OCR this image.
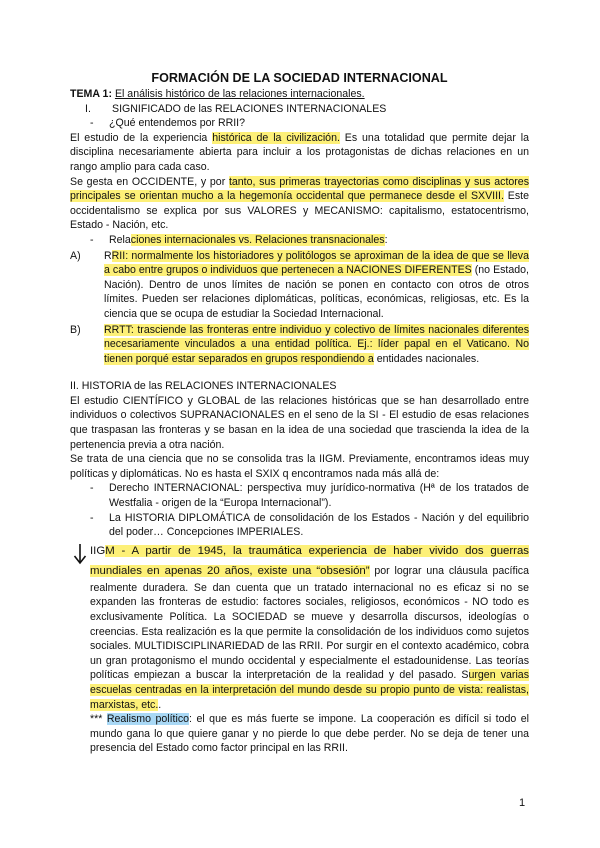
FORMACIÓN DE LA SOCIEDAD INTERNACIONAL
TEMA 1: El análisis histórico de las relaciones internacionales.
I.	SIGNIFICADO de las RELACIONES INTERNACIONALES
-	¿Qué entendemos por RRII?

El estudio de la experiencia histórica de la civilización. Es una totalidad que permite dejar la disciplina necesariamente abierta para incluir a los protagonistas de dichas relaciones en un rango amplio para cada caso.

Se gesta en OCCIDENTE, y por tanto, sus primeras trayectorias como disciplinas y sus actores principales se orientan mucho a la hegemonía occidental que permanece desde el SXVIII. Este occidentalismo se explica por sus VALORES y MECANISMO: capitalismo, estatocentrismo, Estado - Nación, etc.

-	Relaciones internacionales vs. Relaciones transnacionales:
A)	RRII: normalmente los historiadores y politólogos se aproximan de la idea de que se lleva a cabo entre grupos o individuos que pertenecen a NACIONES DIFERENTES (no Estado, Nación). Dentro de unos límites de nación se ponen en contacto con otros de otros límites. Pueden ser relaciones diplomáticas, políticas, económicas, religiosas, etc. Es la ciencia que se ocupa de estudiar la Sociedad Internacional.
B)	RRTT: trasciende las fronteras entre individuo y colectivo de límites nacionales diferentes necesariamente vinculados a una entidad política. Ej.: líder papal en el Vaticano. No tienen porqué estar separados en grupos respondiendo a entidades nacionales.
II. HISTORIA de las RELACIONES INTERNACIONALES

El estudio CIENTÍFICO y GLOBAL de las relaciones históricas que se han desarrollado entre individuos o colectivos SUPRANACIONALES en el seno de la SI - El estudio de esas relaciones que traspasan las fronteras y se basan en la idea de una sociedad que trascienda la idea de la pertenencia previa a otra nación.

Se trata de una ciencia que no se consolida tras la IIGM. Previamente, encontramos ideas muy políticas y diplomáticas. No es hasta el SXIX q encontramos nada más allá de:

-	Derecho INTERNACIONAL: perspectiva muy jurídico-normativa (Hª de los tratados de Westfalia - origen de la “Europa Internacional”).
-	La HISTORIA DIPLOMÁTICA de consolidación de los Estados - Nación y del equilibrio del poder… Concepciones IMPERIALES.
IIGM - A partir de 1945, la traumática experiencia de haber vivido dos guerras mundiales en apenas 20 años, existe una “obsesión” por lograr una cláusula pacífica realmente duradera. Se dan cuenta que un tratado internacional no es eficaz si no se expanden las fronteras de estudio: factores sociales, religiosos, económicos - NO todo es exclusivamente Política. La SOCIEDAD se mueve y desarrolla discursos, ideologías o creencias. Esta realización es la que permite la consolidación de los individuos como sujetos sociales. MULTIDISCIPLINARIEDAD de las RRII. Por surgir en el contexto académico, cobra un gran protagonismo el mundo occidental y especialmente el estadounidense. Las teorías políticas empiezan a buscar la interpretación de la realidad y del pasado. Surgen varias escuelas centradas en la interpretación del mundo desde su propio punto de vista: realistas, marxistas, etc..

*** Realismo político: el que es más fuerte se impone. La cooperación es difícil si todo el mundo gana lo que quiere ganar y no pierde lo que debe perder. No se deja de tener una presencia del Estado como factor principal en las RRII.

1
